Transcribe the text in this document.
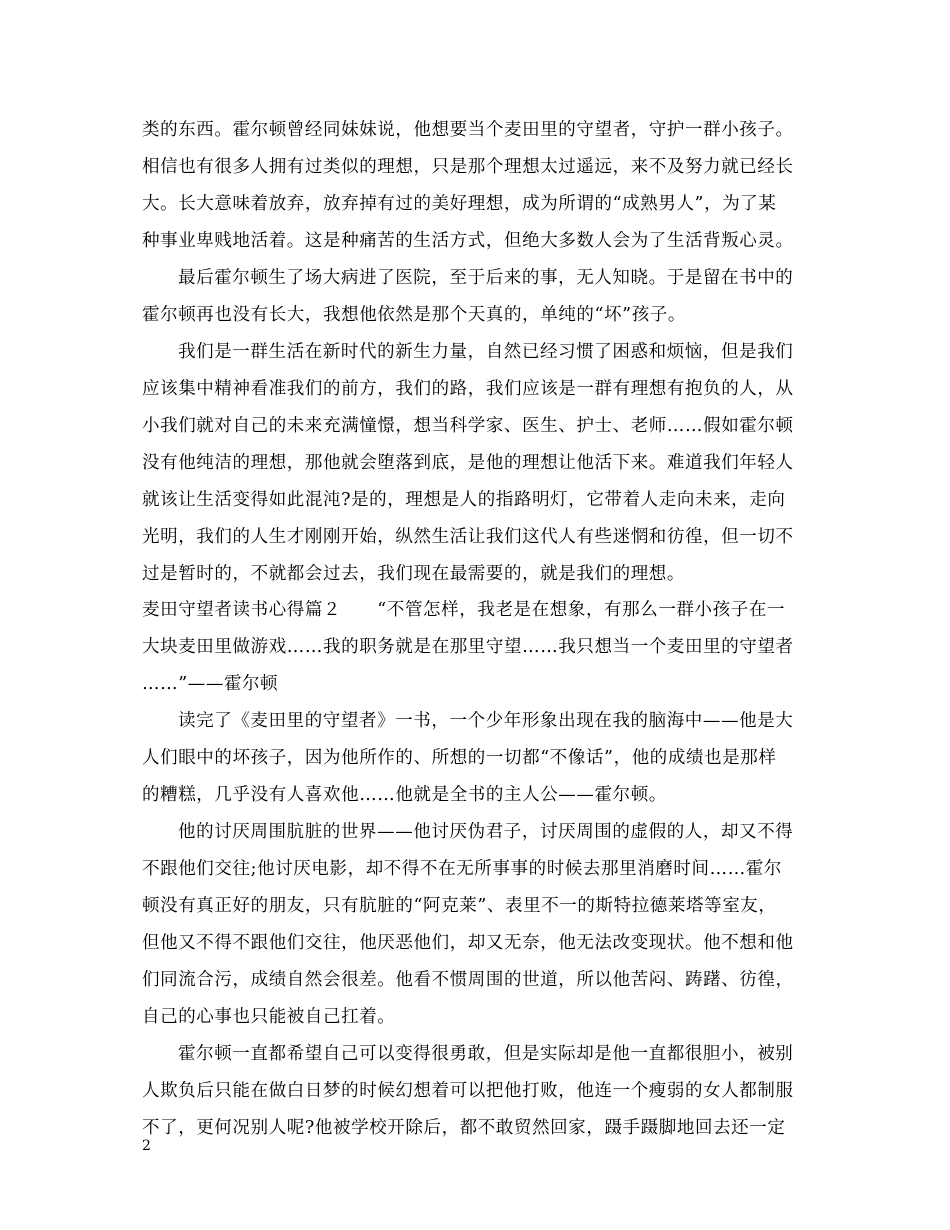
类的东西。霍尔顿曾经同妹妹说，他想要当个麦田里的守望者，守护一群小孩子。
相信也有很多人拥有过类似的理想，只是那个理想太过遥远，来不及努力就已经长
大。长大意味着放弃，放弃掉有过的美好理想，成为所谓的“成熟男人”，为了某
种事业卑贱地活着。这是种痛苦的生活方式，但绝大多数人会为了生活背叛心灵。
最后霍尔顿生了场大病进了医院，至于后来的事，无人知晓。于是留在书中的
霍尔顿再也没有长大，我想他依然是那个天真的，单纯的“坏”孩子。
我们是一群生活在新时代的新生力量，自然已经习惯了困惑和烦恼，但是我们
应该集中精神看准我们的前方，我们的路，我们应该是一群有理想有抱负的人，从
小我们就对自己的未来充满憧憬，想当科学家、医生、护士、老师……假如霍尔顿
没有他纯洁的理想，那他就会堕落到底，是他的理想让他活下来。难道我们年轻人
就该让生活变得如此混沌?是的，理想是人的指路明灯，它带着人走向未来，走向
光明，我们的人生才刚刚开始，纵然生活让我们这代人有些迷惘和彷徨，但一切不
过是暂时的，不就都会过去，我们现在最需要的，就是我们的理想。
麦田守望者读书心得篇２　　“不管怎样，我老是在想象，有那么一群小孩子在一
大块麦田里做游戏……我的职务就是在那里守望……我只想当一个麦田里的守望者
……”——霍尔顿
读完了《麦田里的守望者》一书，一个少年形象出现在我的脑海中——他是大
人们眼中的坏孩子，因为他所作的、所想的一切都“不像话”，他的成绩也是那样
的糟糕，几乎没有人喜欢他……他就是全书的主人公——霍尔顿。
他的讨厌周围肮脏的世界——他讨厌伪君子，讨厌周围的虚假的人，却又不得
不跟他们交往;他讨厌电影，却不得不在无所事事的时候去那里消磨时间……霍尔
顿没有真正好的朋友，只有肮脏的“阿克莱”、表里不一的斯特拉德莱塔等室友，
但他又不得不跟他们交往，他厌恶他们，却又无奈，他无法改变现状。他不想和他
们同流合污，成绩自然会很差。他看不惯周围的世道，所以他苦闷、踌躇、彷徨，
自己的心事也只能被自己扛着。
霍尔顿一直都希望自己可以变得很勇敢，但是实际却是他一直都很胆小，被别
人欺负后只能在做白日梦的时候幻想着可以把他打败，他连一个瘦弱的女人都制服
不了，更何况别人呢?他被学校开除后，都不敢贸然回家，蹑手蹑脚地回去还一定
2
